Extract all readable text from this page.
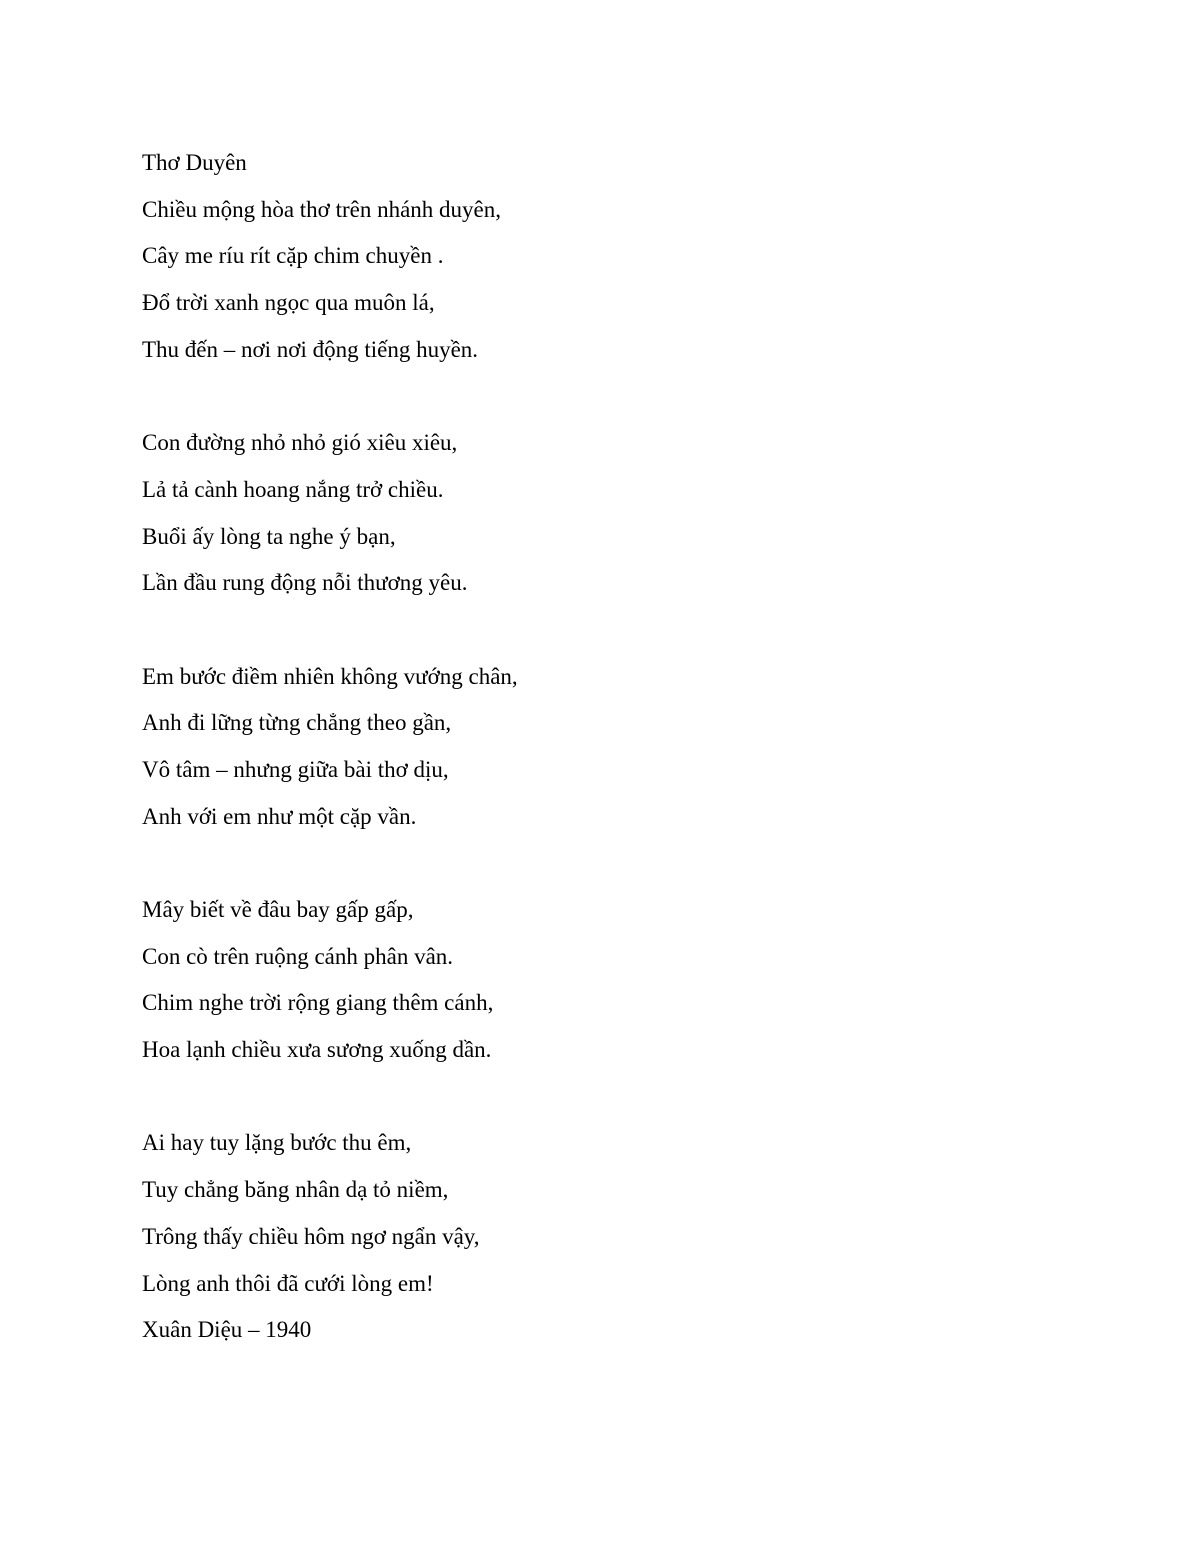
Thơ Duyên
Chiều mộng hòa thơ trên nhánh duyên,
Cây me ríu rít cặp chim chuyền .
Đổ trời xanh ngọc qua muôn lá,
Thu đến – nơi nơi động tiếng huyền.
Con đường nhỏ nhỏ gió xiêu xiêu,
Lả tả cành hoang nắng trở chiều.
Buổi ấy lòng ta nghe ý bạn,
Lần đầu rung động nỗi thương yêu.
Em bước điềm nhiên không vướng chân,
Anh đi lững từng chẳng theo gần,
Vô tâm – nhưng giữa bài thơ dịu,
Anh với em như một cặp vần.
Mây biết về đâu bay gấp gấp,
Con cò trên ruộng cánh phân vân.
Chim nghe trời rộng giang thêm cánh,
Hoa lạnh chiều xưa sương xuống dần.
Ai hay tuy lặng bước thu êm,
Tuy chẳng băng nhân dạ tỏ niềm,
Trông thấy chiều hôm ngơ ngẩn vậy,
Lòng anh thôi đã cưới lòng em!
Xuân Diệu – 1940
